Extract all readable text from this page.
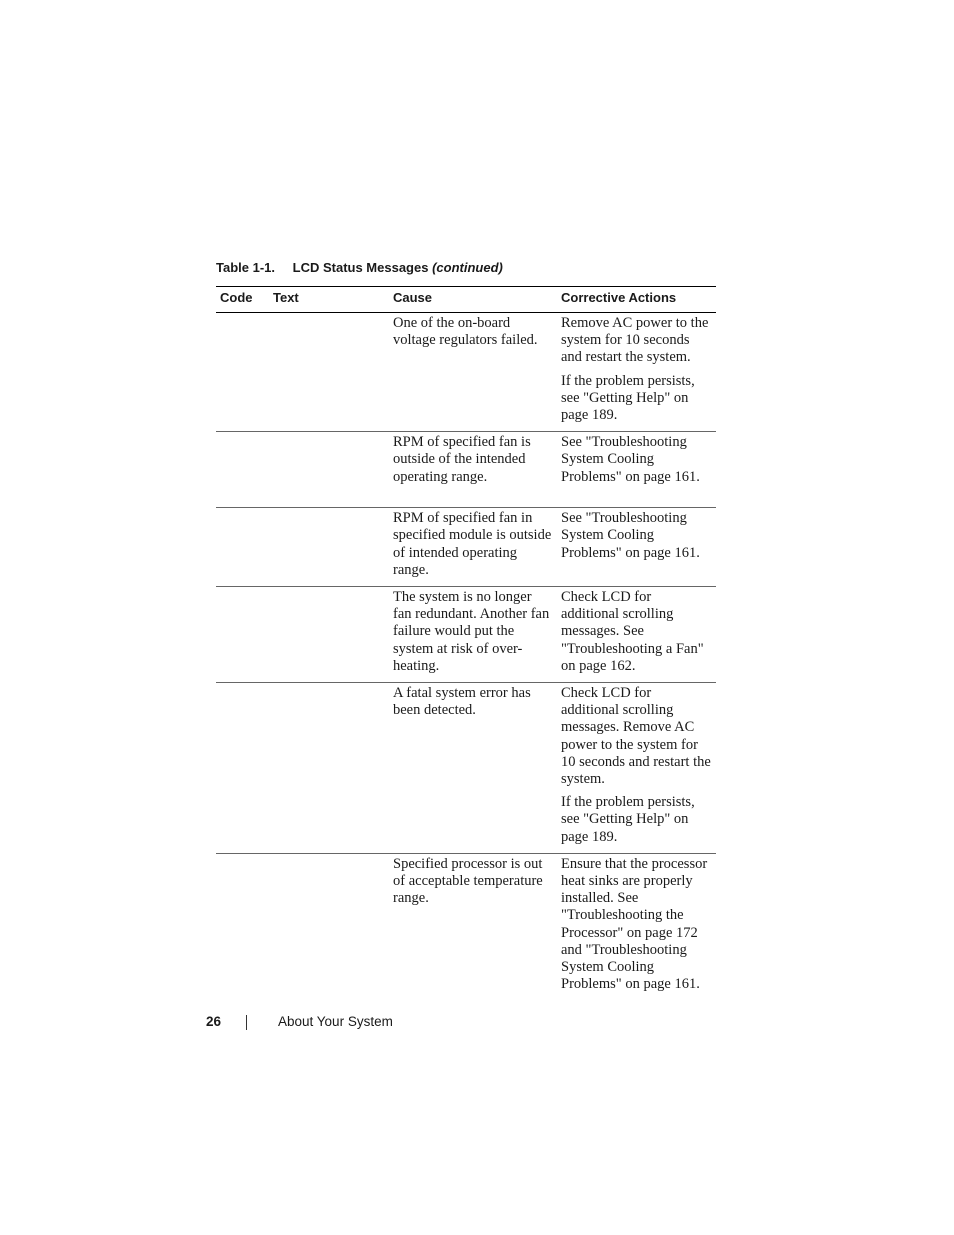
Table 1-1. LCD Status Messages (continued)
Code	Text	Cause	Corrective Actions

		One of the on-board voltage regulators failed.	Remove AC power to the system for 10 seconds and restart the system.

If the problem persists, see "Getting Help" on page 189.

		RPM of specified fan is outside of the intended operating range.	See "Troubleshooting System Cooling Problems" on page 161.

		RPM of specified fan in specified module is outside of intended operating range.	See "Troubleshooting System Cooling Problems" on page 161.

		The system is no longer fan redundant. Another fan failure would put the system at risk of over-heating.	Check LCD for additional scrolling messages. See "Troubleshooting a Fan" on page 162.

		A fatal system error has been detected.	Check LCD for additional scrolling messages. Remove AC power to the system for 10 seconds and restart the system.

If the problem persists, see "Getting Help" on page 189.

		Specified processor is out of acceptable temperature range.	Ensure that the processor heat sinks are properly installed. See "Troubleshooting the Processor" on page 172 and "Troubleshooting System Cooling Problems" on page 161.

26	About Your System
